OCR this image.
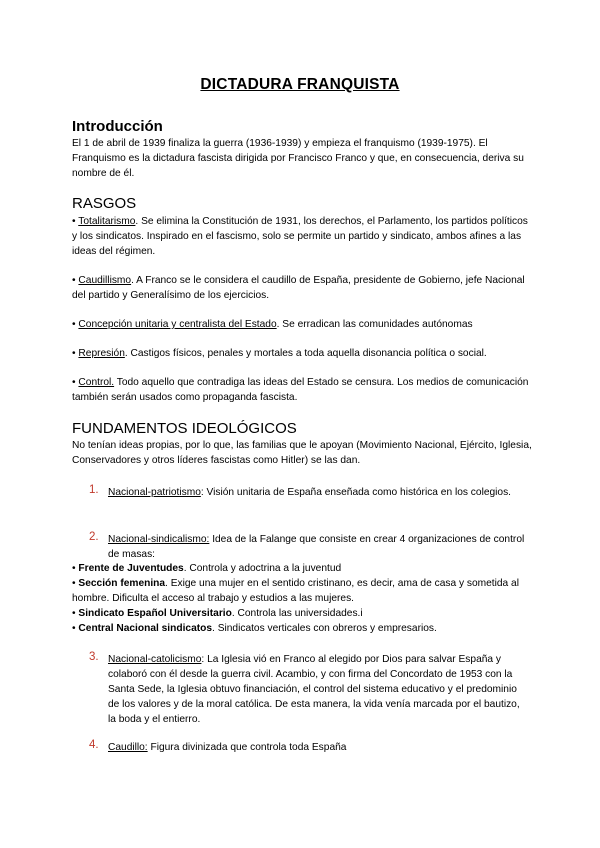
DICTADURA FRANQUISTA
Introducción

El 1 de abril de 1939 finaliza la guerra (1936-1939) y empieza el franquismo (1939-1975). El Franquismo es la dictadura fascista dirigida por Francisco Franco y que, en consecuencia, deriva su nombre de él.

RASGOS

• Totalitarismo. Se elimina la Constitución de 1931, los derechos, el Parlamento, los partidos políticos y los sindicatos. Inspirado en el fascismo, solo se permite un partido y sindicato, ambos afines a las ideas del régimen.

• Caudillismo. A Franco se le considera el caudillo de España, presidente de Gobierno, jefe Nacional del partido y Generalísimo de los ejercicios.

• Concepción unitaria y centralista del Estado. Se erradican las comunidades autónomas

• Represión. Castigos físicos, penales y mortales a toda aquella disonancia política o social.

• Control. Todo aquello que contradiga las ideas del Estado se censura. Los medios de comunicación también serán usados como propaganda fascista.

FUNDAMENTOS IDEOLÓGICOS

No tenían ideas propias, por lo que, las familias que le apoyan (Movimiento Nacional, Ejército, Iglesia, Conservadores y otros líderes fascistas como Hitler) se las dan.

1. Nacional-patriotismo: Visión unitaria de España enseñada como histórica en los colegios.

2. Nacional-sindicalismo: Idea de la Falange que consiste en crear 4 organizaciones de control de masas:

• Frente de Juventudes. Controla y adoctrina a la juventud

• Sección femenina. Exige una mujer en el sentido cristinano, es decir, ama de casa y sometida al hombre. Dificulta el acceso al trabajo y estudios a las mujeres.

• Sindicato Español Universitario. Controla las universidades.i

• Central Nacional sindicatos. Sindicatos verticales con obreros y empresarios.

3. Nacional-catolicismo: La Iglesia vió en Franco al elegido por Dios para salvar España y colaboró con él desde la guerra civil. Acambio, y con firma del Concordato de 1953 con la Santa Sede, la Iglesia obtuvo financiación, el control del sistema educativo y el predominio de los valores y de la moral católica. De esta manera, la vida venía marcada por el bautizo, la boda y el entierro.

4. Caudillo: Figura divinizada que controla toda España
